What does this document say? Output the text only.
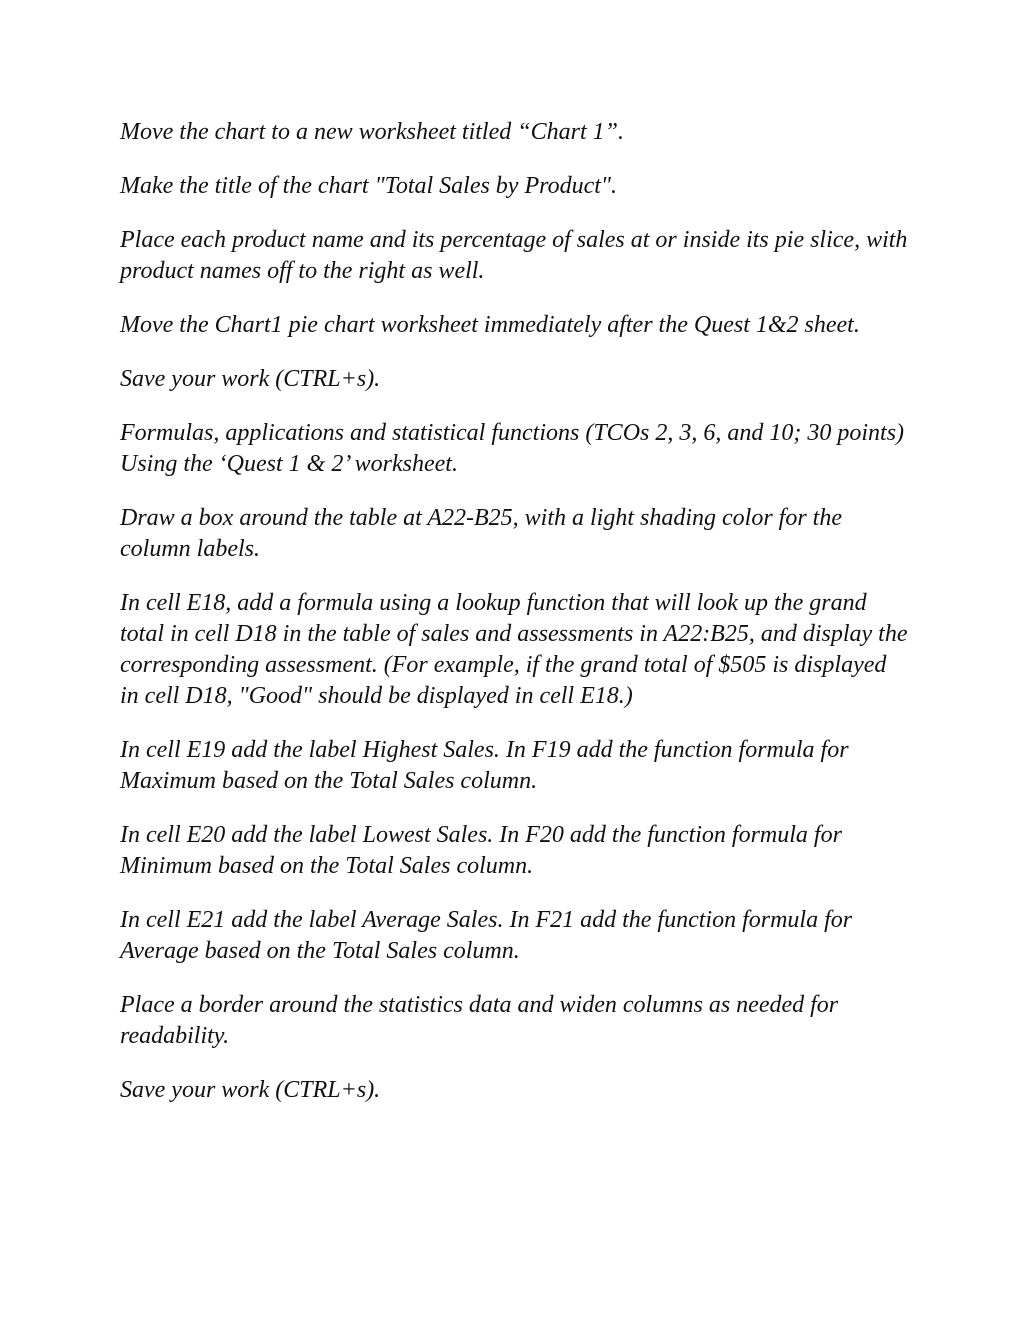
Move the chart to a new worksheet titled “Chart 1”.

Make the title of the chart "Total Sales by Product".

Place each product name and its percentage of sales at or inside its pie slice, with product names off to the right as well.

Move the Chart1 pie chart worksheet immediately after the Quest 1&2 sheet.

Save your work (CTRL+s).

Formulas, applications and statistical functions (TCOs 2, 3, 6, and 10; 30 points) Using the ‘Quest 1 & 2’ worksheet.

Draw a box around the table at A22-B25, with a light shading color for the column labels.

In cell E18, add a formula using a lookup function that will look up the grand total in cell D18 in the table of sales and assessments in A22:B25, and display the corresponding assessment. (For example, if the grand total of $505 is displayed in cell D18, "Good" should be displayed in cell E18.)

In cell E19 add the label Highest Sales. In F19 add the function formula for Maximum based on the Total Sales column.

In cell E20 add the label Lowest Sales. In F20 add the function formula for Minimum based on the Total Sales column.

In cell E21 add the label Average Sales. In F21 add the function formula for Average based on the Total Sales column.

Place a border around the statistics data and widen columns as needed for readability.

Save your work (CTRL+s).
